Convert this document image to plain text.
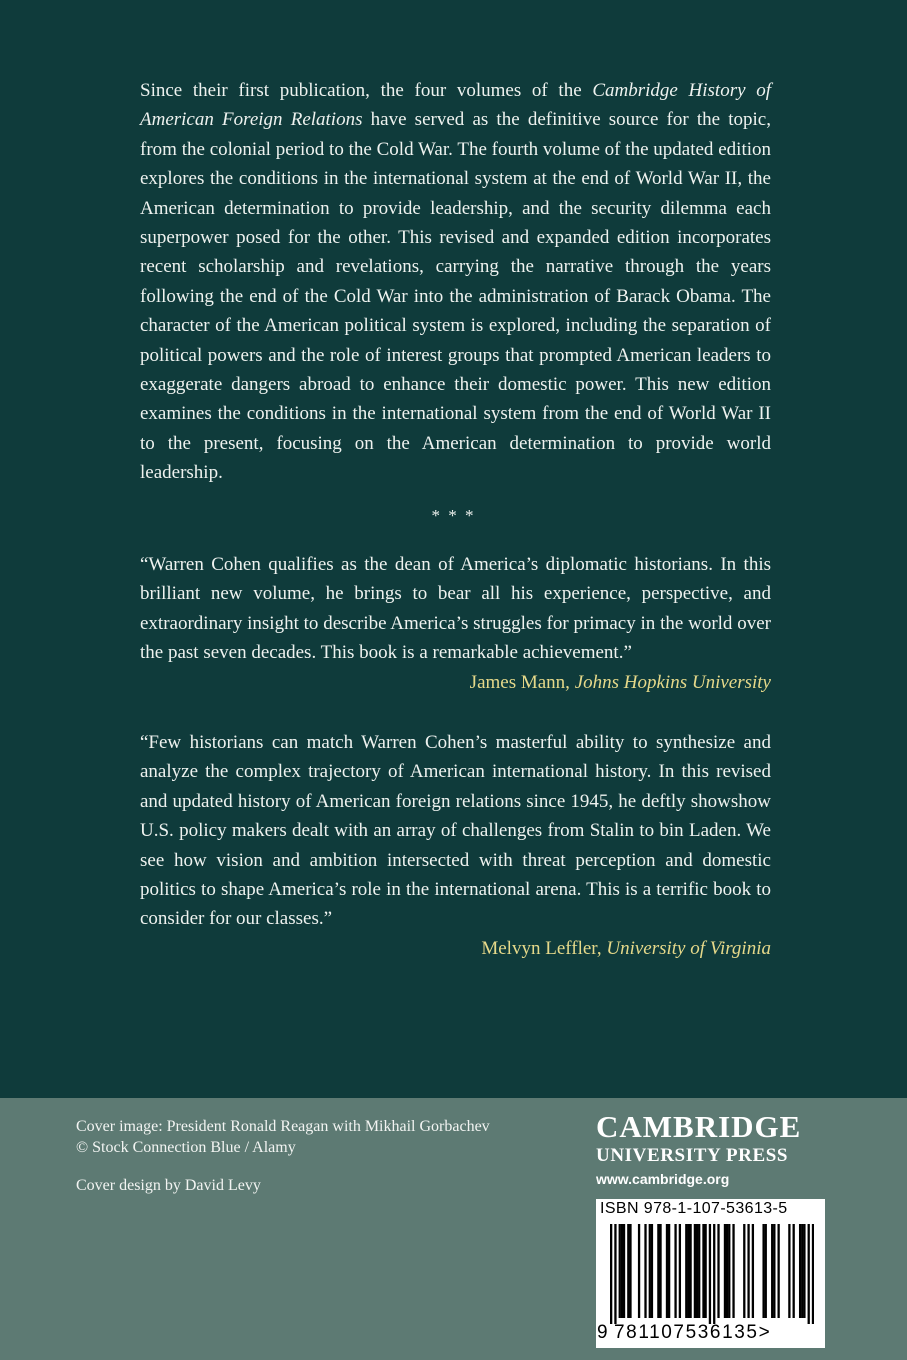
Since their first publication, the four volumes of the Cambridge History of American Foreign Relations have served as the definitive source for the topic, from the colonial period to the Cold War. The fourth volume of the updated edition explores the conditions in the international system at the end of World War II, the American determination to provide leadership, and the security dilemma each superpower posed for the other. This revised and expanded edition incorporates recent scholarship and revelations, carrying the narrative through the years following the end of the Cold War into the administration of Barack Obama. The character of the American political system is explored, including the separation of political powers and the role of interest groups that prompted American leaders to exaggerate dangers abroad to enhance their domestic power. This new edition examines the conditions in the international system from the end of World War II to the present, focusing on the American determination to provide world leadership.

* * *

“Warren Cohen qualifies as the dean of America’s diplomatic historians. In this brilliant new volume, he brings to bear all his experience, perspective, and extraordinary insight to describe America’s struggles for primacy in the world over the past seven decades. This book is a remarkable achievement.”
James Mann, Johns Hopkins University

“Few historians can match Warren Cohen’s masterful ability to synthesize and analyze the complex trajectory of American international history. In this revised and updated history of American foreign relations since 1945, he deftly showshow U.S. policy makers dealt with an array of challenges from Stalin to bin Laden. We see how vision and ambition intersected with threat perception and domestic politics to shape America’s role in the international arena. This is a terrific book to consider for our classes.”
Melvyn Leffler, University of Virginia

Cover image: President Ronald Reagan with Mikhail Gorbachev © Stock Connection Blue / Alamy

Cover design by David Levy

CAMBRIDGE
UNIVERSITY PRESS
www.cambridge.org
ISBN 978-1-107-53613-5
9 781107536135>
